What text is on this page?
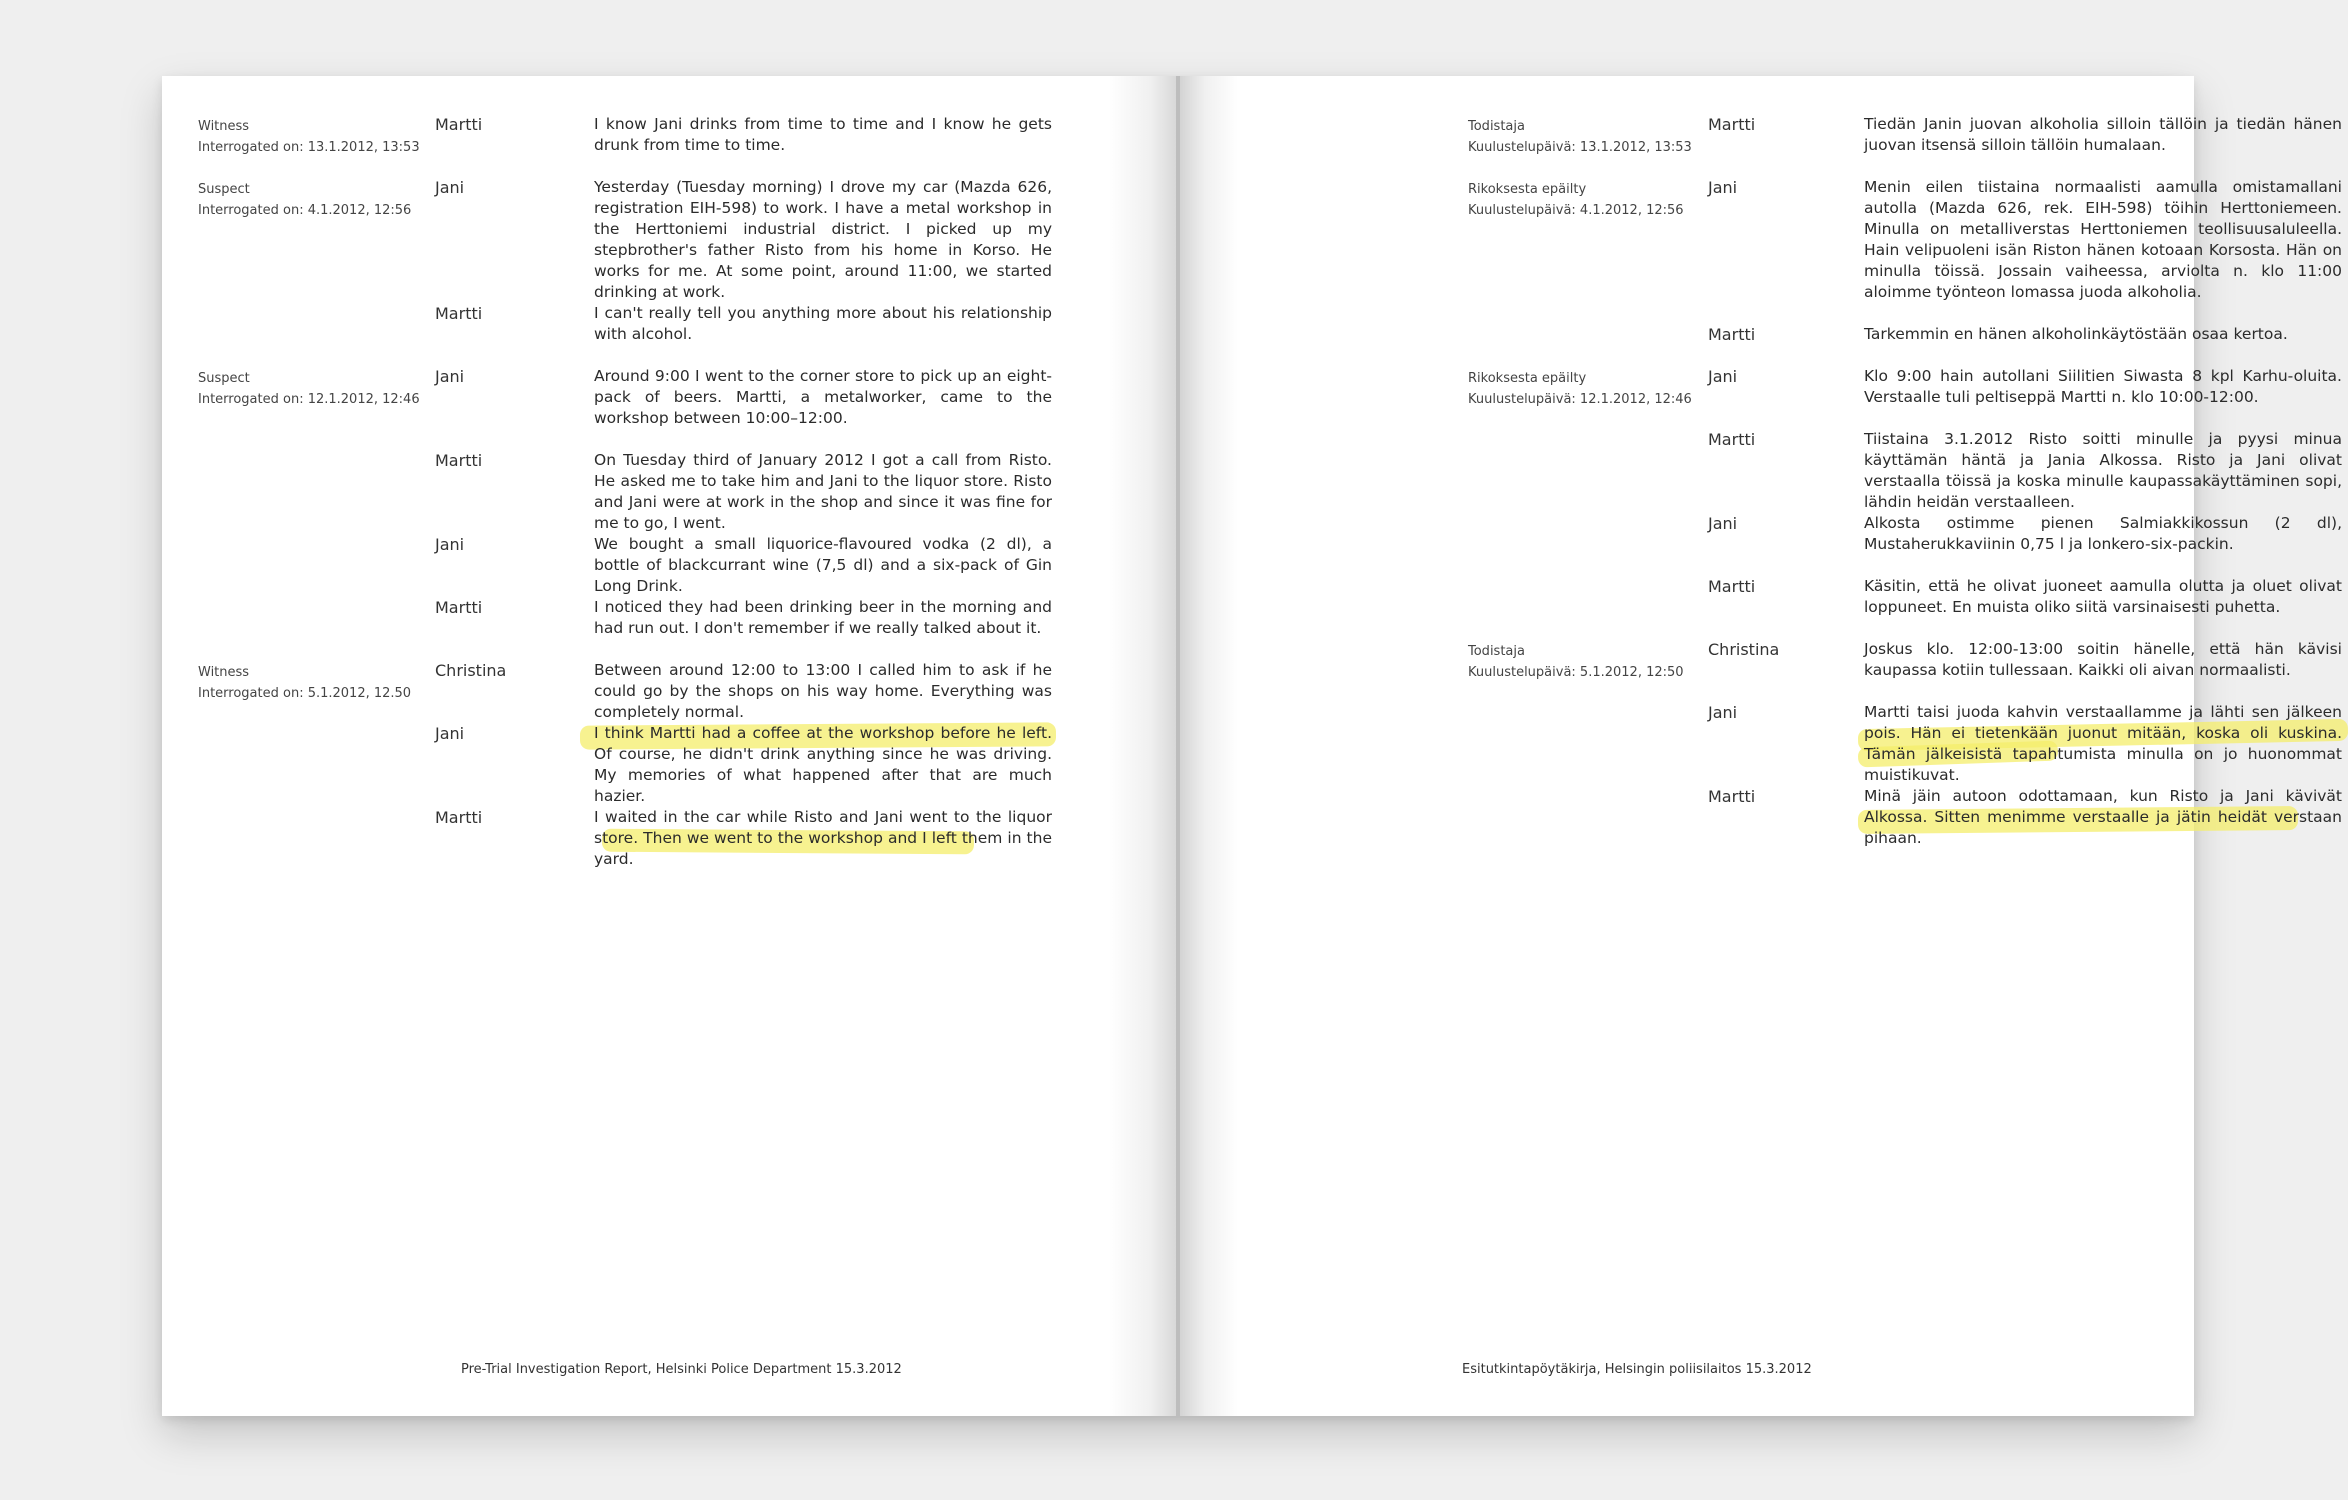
Witness
Interrogated on: 13.1.2012, 13:53
Martti	I know Jani drinks from time to time and I know he gets drunk from time to time.
Suspect
Interrogated on: 4.1.2012, 12:56
Jani	Yesterday (Tuesday morning) I drove my car (Mazda 626, registration EIH-598) to work. I have a metal workshop in the Herttoniemi industrial district. I picked up my stepbrother's father Risto from his home in Korso. He works for me. At some point, around 11:00, we started drinking at work.
Martti	I can't really tell you anything more about his relationship with alcohol.
Suspect
Interrogated on: 12.1.2012, 12:46
Jani	Around 9:00 I went to the corner store to pick up an eight-pack of beers. Martti, a metalworker, came to the workshop between 10:00–12:00.
Martti	On Tuesday third of January 2012 I got a call from Risto. He asked me to take him and Jani to the liquor store. Risto and Jani were at work in the shop and since it was fine for me to go, I went.
Jani	We bought a small liquorice-flavoured vodka (2 dl), a bottle of blackcurrant wine (7,5 dl) and a six-pack of Gin Long Drink.
Martti	I noticed they had been drinking beer in the morning and had run out. I don't remember if we really talked about it.
Witness
Interrogated on: 5.1.2012, 12.50
Christina	Between around 12:00 to 13:00 I called him to ask if he could go by the shops on his way home. Everything was completely normal.
Jani	I think Martti had a coffee at the workshop before he left. Of course, he didn't drink anything since he was driving. My memories of what happened after that are much hazier.
Martti	I waited in the car while Risto and Jani went to the liquor store. Then we went to the workshop and I left them in the yard.
Pre-Trial Investigation Report, Helsinki Police Department 15.3.2012
Todistaja
Kuulustelupäivä: 13.1.2012, 13:53
Martti	Tiedän Janin juovan alkoholia silloin tällöin ja tiedän hänen juovan itsensä silloin tällöin humalaan.
Rikoksesta epäilty
Kuulustelupäivä: 4.1.2012, 12:56
Jani	Menin eilen tiistaina normaalisti aamulla omistamallani autolla (Mazda 626, rek. EIH-598) töihin Herttoniemeen. Minulla on metalliverstas Herttoniemen teollisuusaluleella. Hain velipuoleni isän Riston hänen kotoaan Korsosta. Hän on minulla töissä. Jossain vaiheessa, arviolta n. klo 11:00 aloimme työnteon lomassa juoda alkoholia.
Martti	Tarkemmin en hänen alkoholinkäytöstään osaa kertoa.
Rikoksesta epäilty
Kuulustelupäivä: 12.1.2012, 12:46
Jani	Klo 9:00 hain autollani Siilitien Siwasta 8 kpl Karhu-oluita. Verstaalle tuli peltiseppä Martti n. klo 10:00-12:00.
Martti	Tiistaina 3.1.2012 Risto soitti minulle ja pyysi minua käyttämän häntä ja Jania Alkossa. Risto ja Jani olivat verstaalla töissä ja koska minulle kaupassakäyttäminen sopi, lähdin heidän verstaalleen.
Jani	Alkosta ostimme pienen Salmiakkikossun (2 dl), Mustaherukkaviinin 0,75 l ja lonkero-six-packin.
Martti	Käsitin, että he olivat juoneet aamulla olutta ja oluet olivat loppuneet. En muista oliko siitä varsinaisesti puhetta.
Todistaja
Kuulustelupäivä: 5.1.2012, 12:50
Christina	Joskus klo. 12:00-13:00 soitin hänelle, että hän kävisi kaupassa kotiin tullessaan. Kaikki oli aivan normaalisti.
Jani	Martti taisi juoda kahvin verstaallamme ja lähti sen jälkeen pois. Hän ei tietenkään juonut mitään, koska oli kuskina. Tämän jälkeisistä tapahtumista minulla on jo huonommat muistikuvat.
Martti	Minä jäin autoon odottamaan, kun Risto ja Jani kävivät Alkossa. Sitten menimme verstaalle ja jätin heidät verstaan pihaan.
Esitutkintapöytäkirja, Helsingin poliisilaitos 15.3.2012
